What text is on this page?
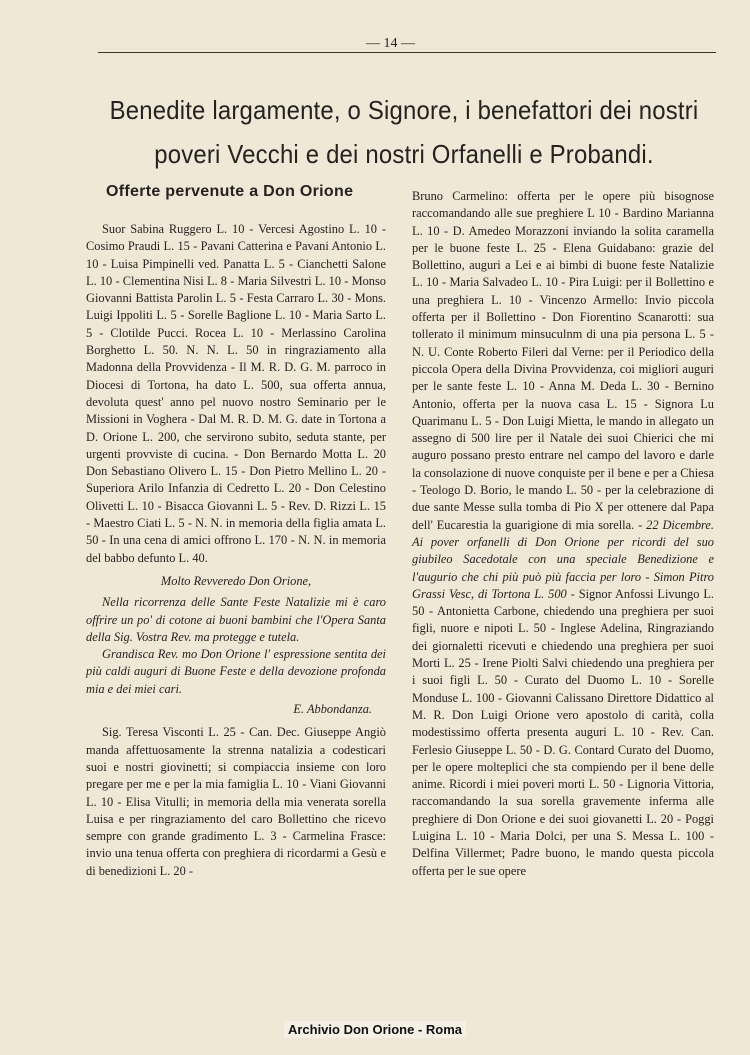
— 14 —
Benedite largamente, o Signore, i benefattori dei nostri
poveri Vecchi e dei nostri Orfanelli e Probandi.
Offerte pervenute a Don Orione

Suor Sabina Ruggero L. 10 - Vercesi Agostino L. 10 - Cosimo Praudi L. 15 - Pavani Catterina e Pavani Antonio L. 10 - Luisa Pimpinelli ved. Panatta L. 5 - Cianchetti Salone L. 10 - Clementina Nisi L. 8 - Maria Silvestri L. 10 - Monso Giovanni Battista Parolin L. 5 - Festa Carraro L. 30 - Mons. Luigi Ippoliti L. 5 - Sorelle Baglione L. 10 - Maria Sarto L. 5 - Clotilde Pucci. Rocea L. 10 - Merlassino Carolina Borghetto L. 50. N. N. L. 50 in ringraziamento alla Madonna della Provvidenza - Il M. R. D. G. M. parroco in Diocesi di Tortona, ha dato L. 500, sua offerta annua, devoluta quest' anno pel nuovo nostro Seminario per le Missioni in Voghera - Dal M. R. D. M. G. date in Tortona a D. Orione L. 200, che servirono subito, seduta stante, per urgenti provviste di cucina. - Don Bernardo Motta L. 20 Don Sebastiano Olivero L. 15 - Don Pietro Mellino L. 20 - Superiora Arilo Infanzia di Cedretto L. 20 - Don Celestino Olivetti L. 10 - Bisacca Giovanni L. 5 - Rev. D. Rizzi L. 15 - Maestro Ciati L. 5 - N. N. in memoria della figlia amata L. 50 - In una cena di amici offrono L. 170 - N. N. in memoria del babbo defunto L. 40.

Molto Revveredo Don Orione,

Nella ricorrenza delle Sante Feste Natalizie mi è caro offrire un po' di cotone ai buoni bambini che l'Opera Santa della Sig. Vostra Rev. ma protegge e tutela.

Grandisca Rev. mo Don Orione l' espressione sentita dei più caldi auguri di Buone Feste e della devozione profonda mia e dei miei cari.

E. Abbondanza.

Sig. Teresa Visconti L. 25 - Can. Dec. Giuseppe Angiò manda affettuosamente la strenna natalizia a codesticari suoi e nostri giovinetti; si compiaccia insieme con loro pregare per me e per la mia famiglia L. 10 - Viani Giovanni L. 10 - Elisa Vitulli; in memoria della mia venerata sorella Luisa e per ringraziamento del caro Bollettino che ricevo sempre con grande gradimento L. 3 - Carmelina Frasce: invio una tenua offerta con preghiera di ricordarmi a Gesù e di benedizioni L. 20 -

Bruno Carmelino: offerta per le opere più bisognose raccomandando alle sue preghiere L 10 - Bardino Marianna L. 10 - D. Amedeo Morazzoni inviando la solita caramella per le buone feste L. 25 - Elena Guidabano: grazie del Bollettino, auguri a Lei e ai bimbi di buone feste Natalizie L. 10 - Maria Salvadeo L. 10 - Pira Luigi: per il Bollettino e una preghiera L. 10 - Vincenzo Armello: Invio piccola offerta per il Bollettino - Don Fiorentino Scanarotti: sua tollerato il minimum minsuculnm di una pia persona L. 5 - N. U. Conte Roberto Fileri dal Verne: per il Periodico della piccola Opera della Divina Provvidenza, coi migliori auguri per le sante feste L. 10 - Anna M. Deda L. 30 - Bernino Antonio, offerta per la nuova casa L. 15 - Signora Lu Quarimanu L. 5 - Don Luigi Mietta, le mando in allegato un assegno di 500 lire per il Natale dei suoi Chierici che mi auguro possano presto entrare nel campo del lavoro e darle la consolazione di nuove conquiste per il bene e per a Chiesa - Teologo D. Borio, le mando L. 50 - per la celebrazione di due sante Messe sulla tomba di Pio X per ottenere dal Papa dell' Eucarestia la guarigione di mia sorella. - 22 Dicembre. Ai pover orfanelli di Don Orione per ricordi del suo giubileo Sacedotale con una speciale Benedizione e l'augurio che chi più può più faccia per loro - Simon Pitro Grassi Vesc, di Tortona L. 500 - Signor Anfossi Livungo L. 50 - Antonietta Carbone, chiedendo una preghiera per suoi figli, nuore e nipoti L. 50 - Inglese Adelina, Ringraziando dei giornaletti ricevuti e chiedendo una preghiera per suoi Morti L. 25 - Irene Piolti Salvi chiedendo una preghiera per i suoi figli L. 50 - Curato del Duomo L. 10 - Sorelle Monduse L. 100 - Giovanni Calissano Direttore Didattico al M. R. Don Luigi Orione vero apostolo di carità, colla modestissimo offerta presenta auguri L. 10 - Rev. Can. Ferlesio Giuseppe L. 50 - D. G. Contard Curato del Duomo, per le opere molteplici che sta compiendo per il bene delle anime. Ricordi i miei poveri morti L. 50 - Lignoria Vittoria, raccomandando la sua sorella gravemente inferma alle preghiere di Don Orione e dei suoi giovanetti L. 20 - Poggi Luigina L. 10 - Maria Dolci, per una S. Messa L. 100 - Delfina Villermet; Padre buono, le mando questa piccola offerta per le sue opere

Archivio Don Orione - Roma
